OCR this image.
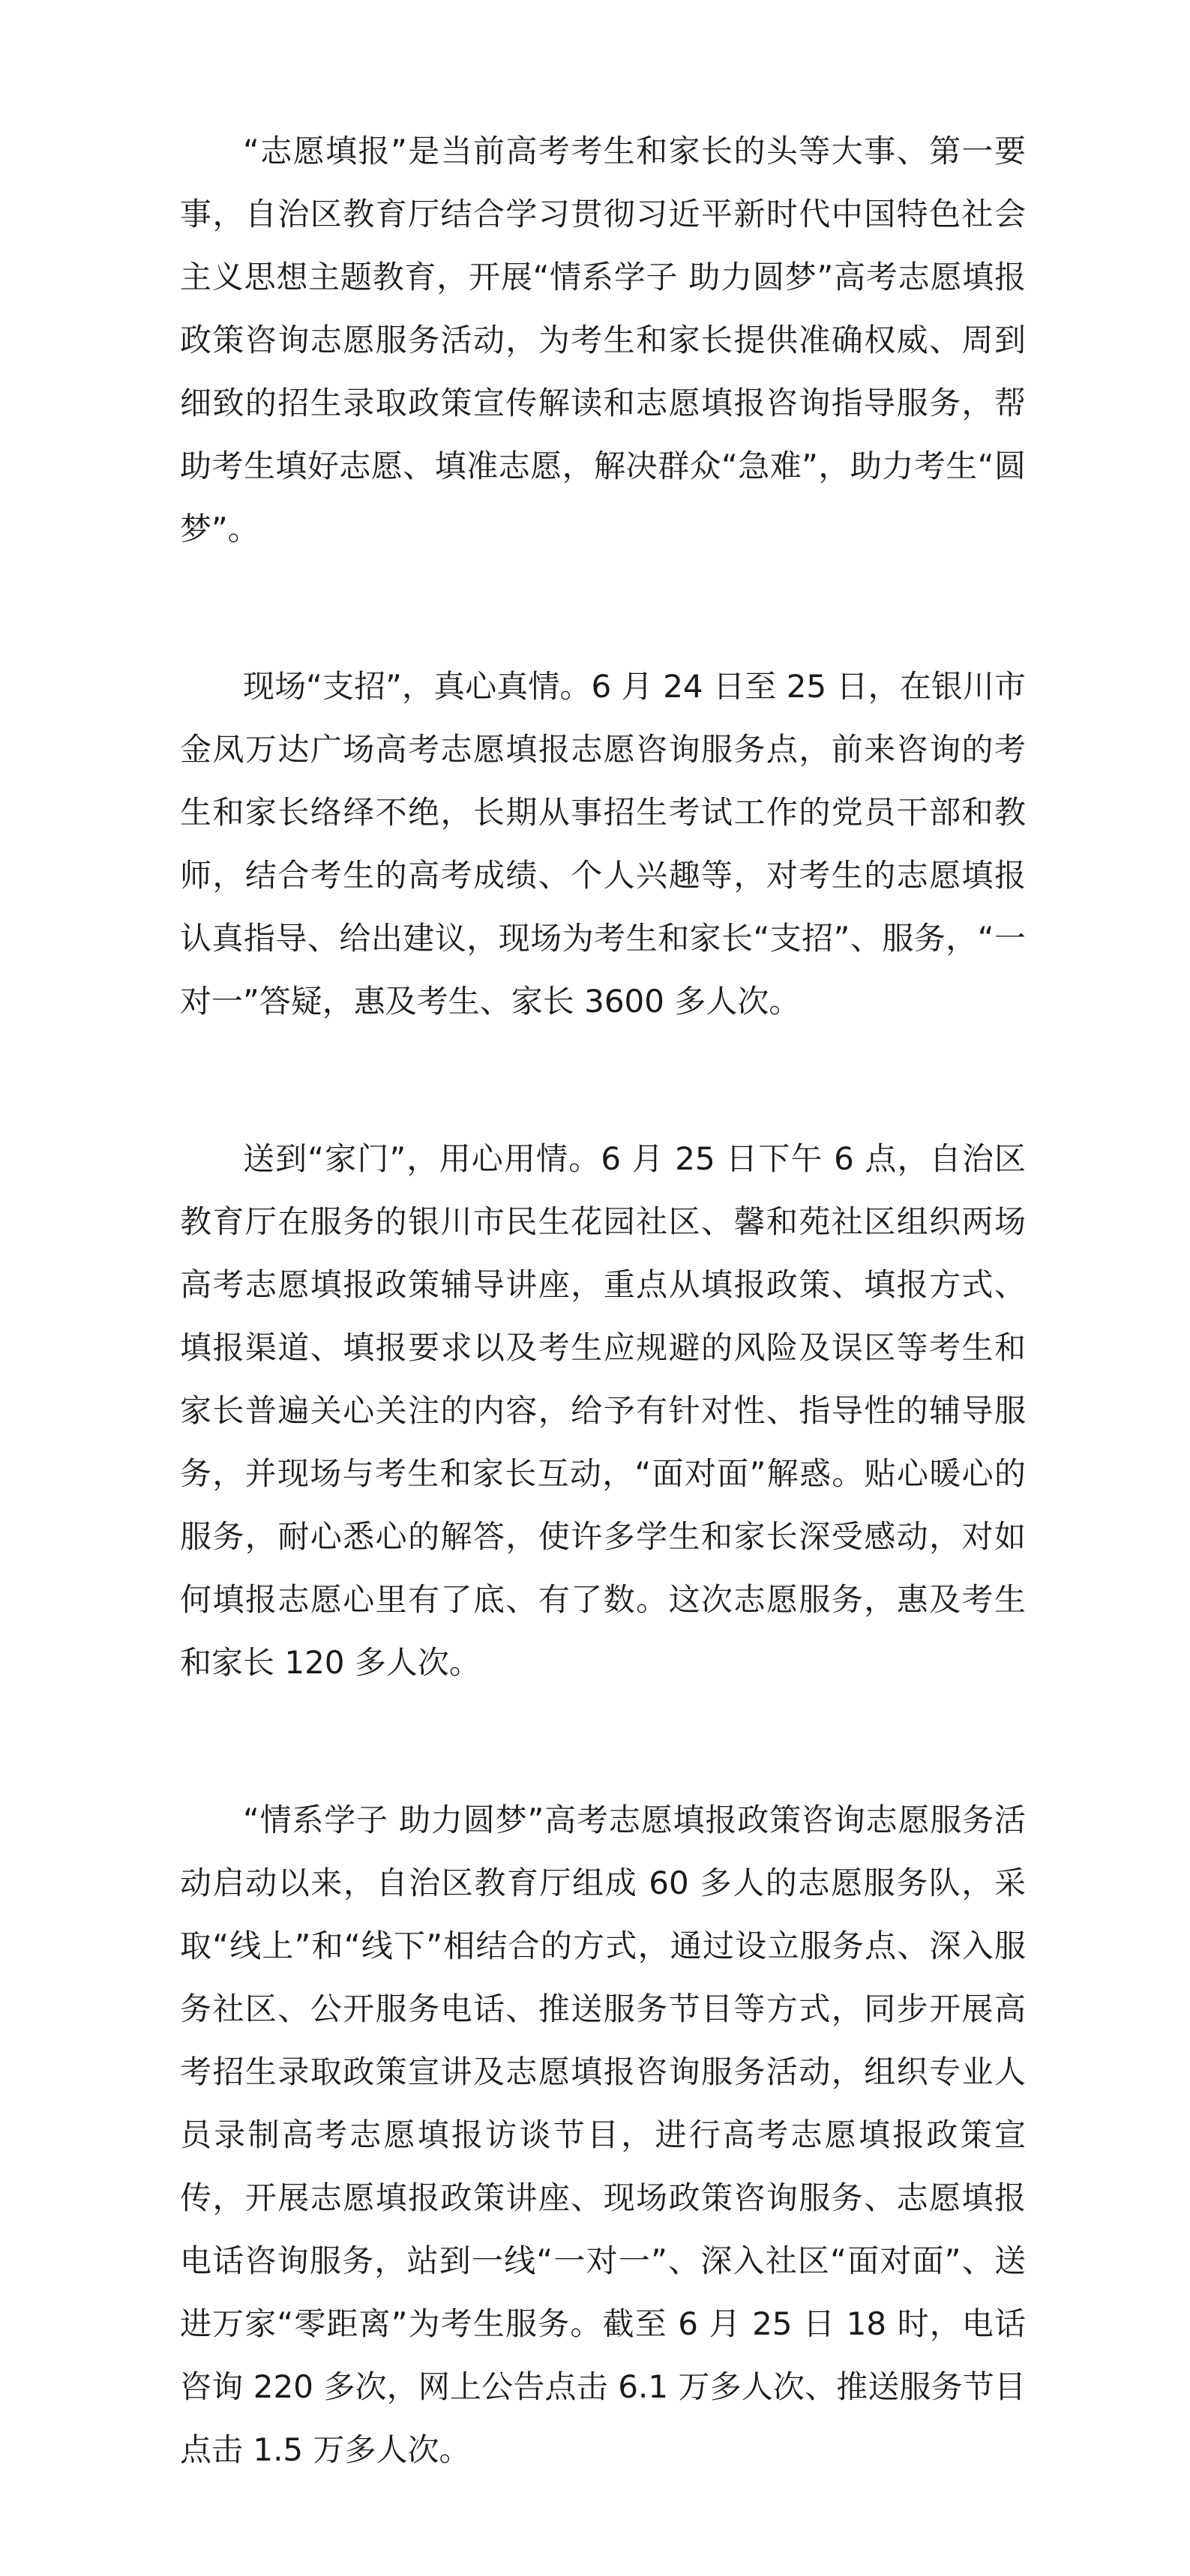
“志愿填报”是当前高考考生和家长的头等大事、第一要事，自治区教育厅结合学习贯彻习近平新时代中国特色社会主义思想主题教育，开展“情系学子 助力圆梦”高考志愿填报政策咨询志愿服务活动，为考生和家长提供准确权威、周到细致的招生录取政策宣传解读和志愿填报咨询指导服务，帮助考生填好志愿、填准志愿，解决群众“急难”，助力考生“圆梦”。

现场“支招”，真心真情。6 月 24 日至 25 日，在银川市金凤万达广场高考志愿填报志愿咨询服务点，前来咨询的考生和家长络绎不绝，长期从事招生考试工作的党员干部和教师，结合考生的高考成绩、个人兴趣等，对考生的志愿填报认真指导、给出建议，现场为考生和家长“支招”、服务，“一对一”答疑，惠及考生、家长 3600 多人次。

送到“家门”，用心用情。6 月 25 日下午 6 点，自治区教育厅在服务的银川市民生花园社区、馨和苑社区组织两场高考志愿填报政策辅导讲座，重点从填报政策、填报方式、填报渠道、填报要求以及考生应规避的风险及误区等考生和家长普遍关心关注的内容，给予有针对性、指导性的辅导服务，并现场与考生和家长互动，“面对面”解惑。贴心暖心的服务，耐心悉心的解答，使许多学生和家长深受感动，对如何填报志愿心里有了底、有了数。这次志愿服务，惠及考生和家长 120 多人次。

“情系学子 助力圆梦”高考志愿填报政策咨询志愿服务活动启动以来，自治区教育厅组成 60 多人的志愿服务队，采取“线上”和“线下”相结合的方式，通过设立服务点、深入服务社区、公开服务电话、推送服务节目等方式，同步开展高考招生录取政策宣讲及志愿填报咨询服务活动，组织专业人员录制高考志愿填报访谈节目，进行高考志愿填报政策宣传，开展志愿填报政策讲座、现场政策咨询服务、志愿填报电话咨询服务，站到一线“一对一”、深入社区“面对面”、送进万家“零距离”为考生服务。截至 6 月 25 日 18 时，电话咨询 220 多次，网上公告点击 6.1 万多人次、推送服务节目点击 1.5 万多人次。
